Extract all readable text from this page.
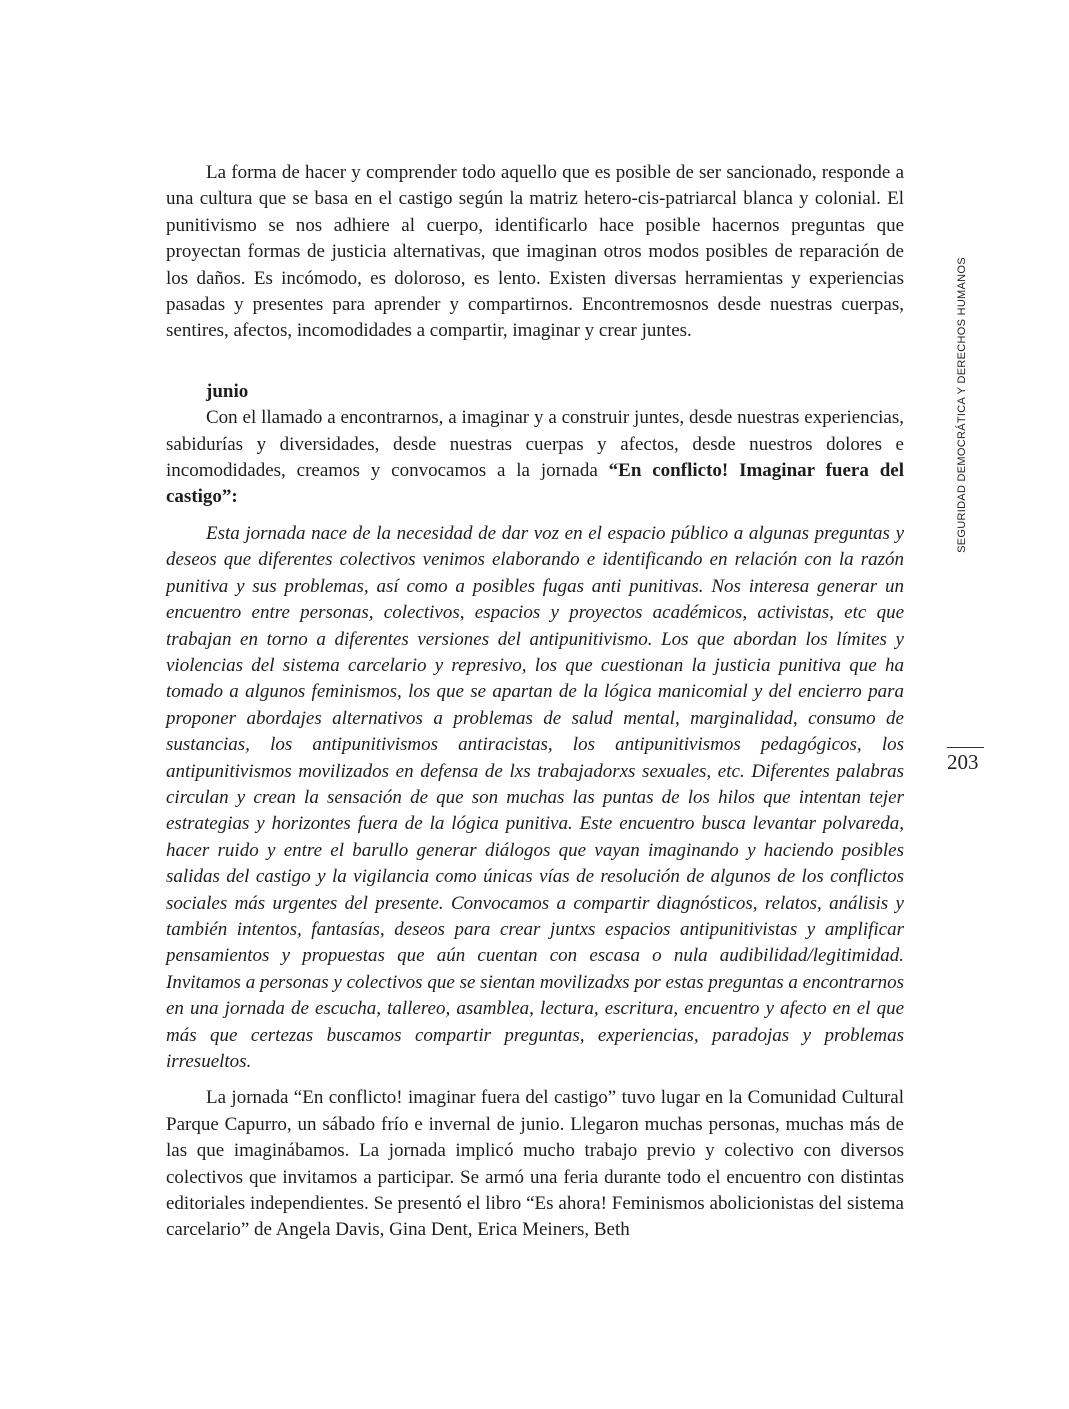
La forma de hacer y comprender todo aquello que es posible de ser sancionado, responde a una cultura que se basa en el castigo según la matriz hetero-cis-patriarcal blanca y colonial. El punitivismo se nos adhiere al cuerpo, identificarlo hace posible hacernos preguntas que proyectan formas de justicia alternativas, que imaginan otros modos posibles de reparación de los daños. Es incómodo, es doloroso, es lento. Existen diversas herramientas y experiencias pasadas y presentes para aprender y compartirnos. Encontremosnos desde nuestras cuerpas, sentires, afectos, incomodidades a compartir, imaginar y crear juntes.

junio

Con el llamado a encontrarnos, a imaginar y a construir juntes, desde nuestras experiencias, sabidurías y diversidades, desde nuestras cuerpas y afectos, desde nuestros dolores e incomodidades, creamos y convocamos a la jornada “En conflicto! Imaginar fuera del castigo”:

Esta jornada nace de la necesidad de dar voz en el espacio público a algunas preguntas y deseos que diferentes colectivos venimos elaborando e identificando en relación con la razón punitiva y sus problemas, así como a posibles fugas anti punitivas. Nos interesa generar un encuentro entre personas, colectivos, espacios y proyectos académicos, activistas, etc que trabajan en torno a diferentes versiones del antipunitivismo. Los que abordan los límites y violencias del sistema carcelario y represivo, los que cuestionan la justicia punitiva que ha tomado a algunos feminismos, los que se apartan de la lógica manicomial y del encierro para proponer abordajes alternativos a problemas de salud mental, marginalidad, consumo de sustancias, los antipunitivismos antiracistas, los antipunitivismos pedagógicos, los antipunitivismos movilizados en defensa de lxs trabajadorxs sexuales, etc. Diferentes palabras circulan y crean la sensación de que son muchas las puntas de los hilos que intentan tejer estrategias y horizontes fuera de la lógica punitiva. Este encuentro busca levantar polvareda, hacer ruido y entre el barullo generar diálogos que vayan imaginando y haciendo posibles salidas del castigo y la vigilancia como únicas vías de resolución de algunos de los conflictos sociales más urgentes del presente. Convocamos a compartir diagnósticos, relatos, análisis y también intentos, fantasías, deseos para crear juntxs espacios antipunitivistas y amplificar pensamientos y propuestas que aún cuentan con escasa o nula audibilidad/legitimidad. Invitamos a personas y colectivos que se sientan movilizadxs por estas preguntas a encontrarnos en una jornada de escucha, tallereo, asamblea, lectura, escritura, encuentro y afecto en el que más que certezas buscamos compartir preguntas, experiencias, paradojas y problemas irresueltos.

La jornada “En conflicto! imaginar fuera del castigo” tuvo lugar en la Comunidad Cultural Parque Capurro, un sábado frío e invernal de junio. Llegaron muchas personas, muchas más de las que imaginábamos. La jornada implicó mucho trabajo previo y colectivo con diversos colectivos que invitamos a participar. Se armó una feria durante todo el encuentro con distintas editoriales independientes. Se presentó el libro “Es ahora! Feminismos abolicionistas del sistema carcelario” de Angela Davis, Gina Dent, Erica Meiners, Beth

SEGURIDAD DEMOCRÁTICA Y DERECHOS HUMANOS
203
